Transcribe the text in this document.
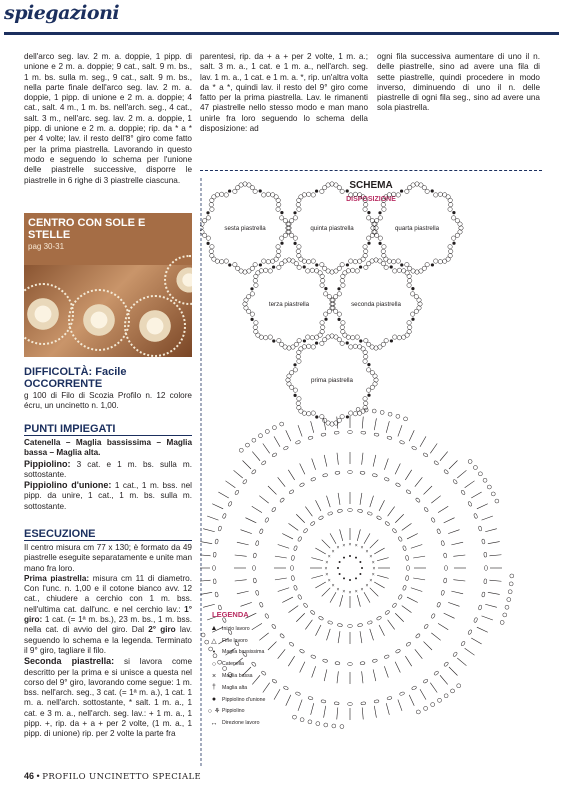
spiegazioni

dell'arco seg. lav. 2 m. a. doppie, 1 pipp. di unione e 2 m. a. doppie; 9 cat., salt. 9 m. bs., 1 m. bs. sulla m. seg., 9 cat., salt. 9 m. bs., nella parte finale dell'arco seg. lav. 2 m. a. doppie, 1 pipp. di unione e 2 m. a. doppie; 4 cat., salt. 4 m., 1 m. bs. nell'arch. seg., 4 cat., salt. 3 m., nell'arc. seg. lav. 2 m. a. doppie, 1 pipp. di unione e 2 m. a. doppie; rip. da * a * per 4 volte; lav. il resto dell'8° giro come fatto per la prima piastrella. Lavorando in questo modo e seguendo lo schema per l'unione delle piastrelle successive, disporre le piastrelle in 6 righe di 3 piastrelle ciascuna.

parentesi, rip. da + a + per 2 volte, 1 m. a.; salt. 3 m. a., 1 cat. e 1 m. a., nell'arch. seg. lav. 1 m. a., 1 cat. e 1 m. a. *, rip. un'altra volta da * a *, quindi lav. il resto del 9° giro come fatto per la prima piastrella. Lav. le rimanenti 47 piastrelle nello stesso modo e man mano unirle fra loro seguendo lo schema della disposizione: ad

ogni fila successiva aumentare di uno il n. delle piastrelle, sino ad avere una fila di sette piastrelle, quindi procedere in modo inverso, diminuendo di uno il n. delle piastrelle di ogni fila seg., sino ad avere una sola piastrella.

CENTRO CON SOLE E STELLE
pag 30-31
DIFFICOLTÀ: Facile
OCCORRENTE
g 100 di Filo di Scozia Profilo n. 12 colore écru, un uncinetto n. 1,00.
PUNTI IMPIEGATI
Catenella – Maglia bassissima – Maglia bassa – Maglia alta.
Pippiolino: 3 cat. e 1 m. bs. sulla m. sottostante.
Pippiolino d'unione: 1 cat., 1 m. bss. nel pipp. da unire, 1 cat., 1 m. bs. sulla m. sottostante.
ESECUZIONE
Il centro misura cm 77 x 130; è formato da 49 piastrelle eseguite separatamente e unite man mano fra loro.
Prima piastrella: misura cm 11 di diametro. Con l'unc. n. 1,00 e il cotone bianco avv. 12 cat., chiudere a cerchio con 1 m. bss. nell'ultima cat. dall'unc. e nel cerchio lav.: 1° giro: 1 cat. (= 1ª m. bs.), 23 m. bs., 1 m. bss. nella cat. di avvio del giro. Dal 2° giro lav. seguendo lo schema e la legenda. Terminato il 9° giro, tagliare il filo.
Seconda piastrella: si lavora come descritto per la prima e si unisce a questa nel corso del 9° giro, lavorando come segue: 1 m. bss. nell'arch. seg., 3 cat. (= 1ª m. a.), 1 cat. 1 m. a. nell'arch. sottostante, * salt. 1 m. a., 1 cat. e 3 m. a., nell'arch. seg. lav.: + 1 m. a., 1 pipp. +, rip. da + a + per 2 volte, (1 m. a., 1 pipp. di unione) rip. per 2 volte la parte fra
SCHEMA
DISPOSIZIONE
sesta piastrella	quinta piastrella	quarta piastrella
terza piastrella	seconda piastrella
prima piastrella
×
×
×
×
×
×
×
×
×
×
×
×
×
×
×
×
× × × × ×
×
×
×
LEGENDA
▲ Inizio lavoro
△	Fine lavoro
•	Maglia bassissima
○	Catenella
×	Maglia bassa
†	Maglia alta
●	Pippiolino d'unione
○ ⚘ Pippiolino
↔ Direzione lavoro
46 • PROFILO UNCINETTO SPECIALE
